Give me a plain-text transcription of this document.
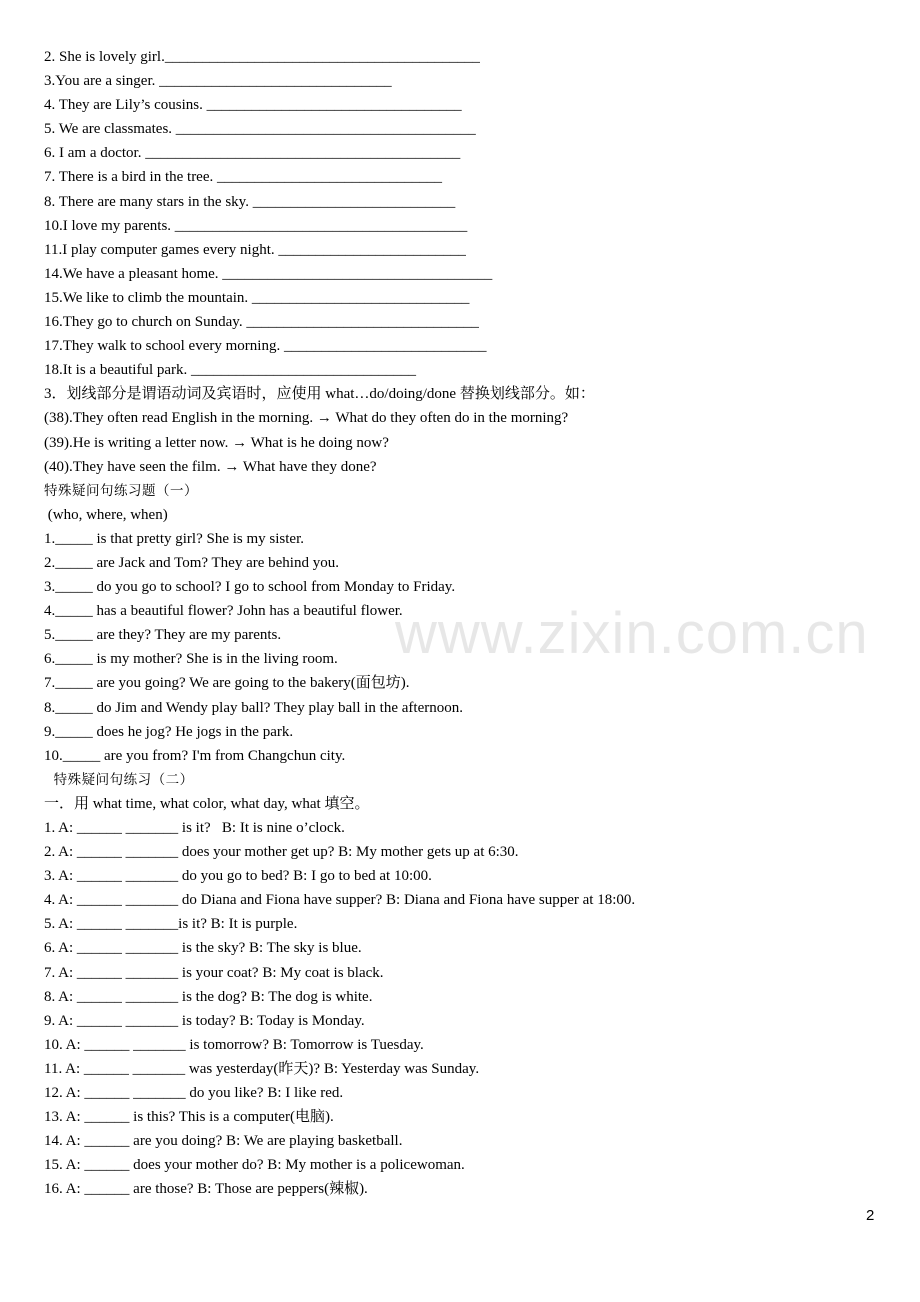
2. She is lovely girl.__________________________________________
3.You are a singer. _______________________________
4. They are Lily’s cousins. __________________________________
5. We are classmates. ________________________________________
6. I am a doctor. __________________________________________
7. There is a bird in the tree. ______________________________
8. There are many stars in the sky. ___________________________
10.I love my parents. _______________________________________
11.I play computer games every night. _________________________
14.We have a pleasant home. ____________________________________
15.We like to climb the mountain. _____________________________
16.They go to church on Sunday. _______________________________
17.They walk to school every morning. ___________________________
18.It is a beautiful park. ______________________________
3．划线部分是谓语动词及宾语时，应使用 what…do/doing/done 替换划线部分。如：
(38).They often read English in the morning. → What do they often do in the morning?
(39).He is writing a letter now. → What is he doing now?
(40).They have seen the film. → What have they done?
特殊疑问句练习题（一）
(who, where, when)
1._____ is that pretty girl? She is my sister.
2._____ are Jack and Tom? They are behind you.
3._____ do you go to school? I go to school from Monday to Friday.
4._____ has a beautiful flower? John has a beautiful flower.
5._____ are they? They are my parents.
6._____ is my mother? She is in the living room.
7._____ are you going? We are going to the bakery(面包坊).
8._____ do Jim and Wendy play ball? They play ball in the afternoon.
9._____ does he jog? He jogs in the park.
10._____ are you from? I'm from Changchun city.
特殊疑问句练习（二）
一．用 what time, what color, what day, what 填空。
1. A: ______ _______ is it?   B: It is nine o’clock.
2. A: ______ _______ does your mother get up? B: My mother gets up at 6:30.
3. A: ______ _______ do you go to bed? B: I go to bed at 10:00.
4. A: ______ _______ do Diana and Fiona have supper? B: Diana and Fiona have supper at 18:00.
5. A: ______ _______is it? B: It is purple.
6. A: ______ _______ is the sky? B: The sky is blue.
7. A: ______ _______ is your coat? B: My coat is black.
8. A: ______ _______ is the dog? B: The dog is white.
9. A: ______ _______ is today? B: Today is Monday.
10. A: ______ _______ is tomorrow? B: Tomorrow is Tuesday.
11. A: ______ _______ was yesterday(昨天)? B: Yesterday was Sunday.
12. A: ______ _______ do you like? B: I like red.
13. A: ______ is this? This is a computer(电脑).
14. A: ______ are you doing? B: We are playing basketball.
15. A: ______ does your mother do? B: My mother is a policewoman.
16. A: ______ are those? B: Those are peppers(辣椒).
www.zixin.com.cn
2
